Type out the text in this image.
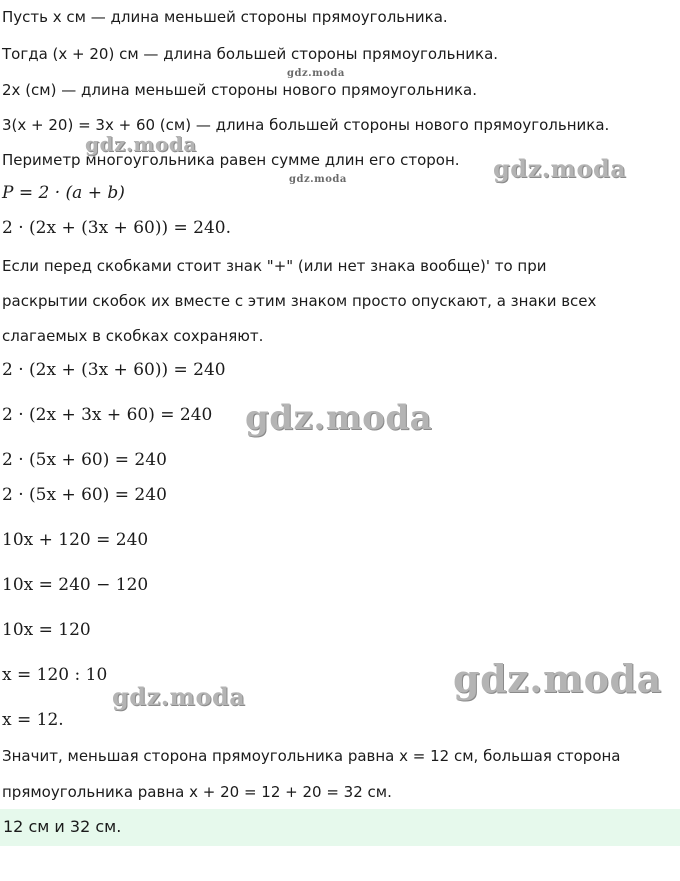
Пусть x см — длина меньшей стороны прямоугольника.
Тогда (x + 20) см — длина большей стороны прямоугольника.
2x (см) — длина меньшей стороны нового прямоугольника.
3(x + 20) = 3x + 60 (см) — длина большей стороны нового прямоугольника.
Периметр многоугольника равен сумме длин его сторон.
P = 2 · (a + b)
2 · (2x + (3x + 60)) = 240.
Если перед скобками стоит знак "+" (или нет знака вообще)' то при
раскрытии скобок их вместе с этим знаком просто опускают, а знаки всех
слагаемых в скобках сохраняют.
2 · (2x + (3x + 60)) = 240
2 · (2x + 3x + 60) = 240
2 · (5x + 60) = 240
2 · (5x + 60) = 240
10x + 120 = 240
10x = 240 − 120
10x = 120
x = 120 : 10
x = 12.
Значит, меньшая сторона прямоугольника равна x = 12 см, большая сторона
прямоугольника равна x + 20 = 12 + 20 = 32 см.
12 см и 32 см.
gdz.moda
gdz.moda
gdz.moda
gdz.moda
gdz.moda
gdz.moda
gdz.moda
